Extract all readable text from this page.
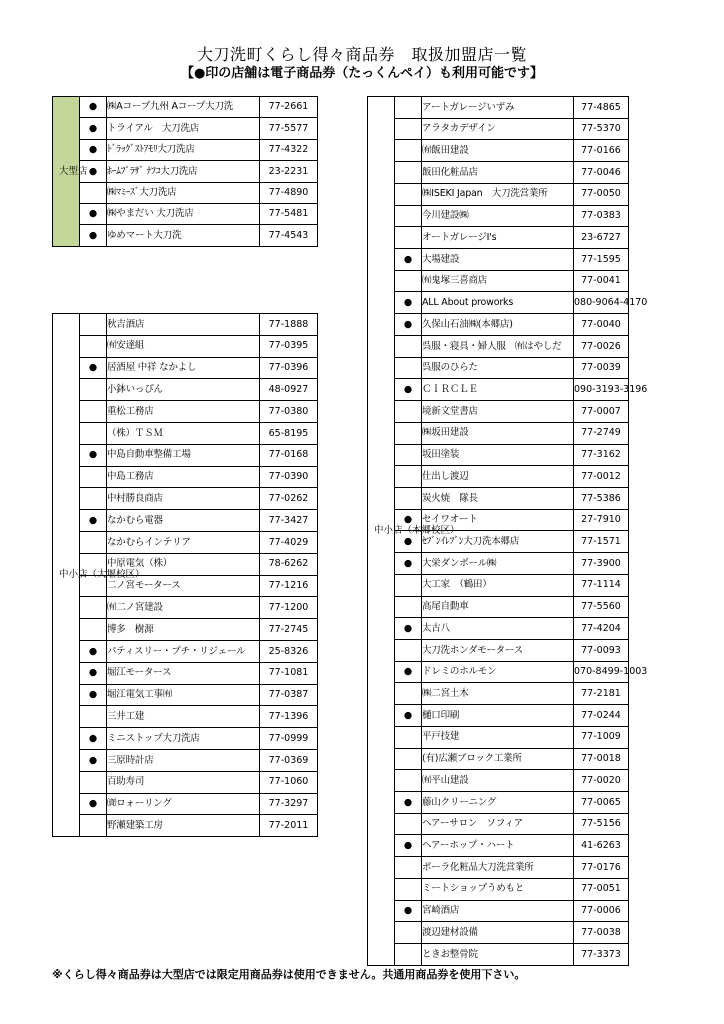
大刀洗町くらし得々商品券　取扱加盟店一覧
【●印の店舗は電子商品券（たっくんペイ）も利用可能です】
大型店	●	㈱Aコープ九州 Aコープ大刀洗	77-2661
	●	トライアル　大刀洗店	77-5577
	●	ﾄﾞﾗｯｸﾞｽﾄｱﾓﾘ大刀洗店	77-4322
	●	ﾎｰﾑﾌﾟﾗｻﾞ ﾅﾌｺ大刀洗店	23-2231
		㈱ﾏﾐｰｽﾞ大刀洗店	77-4890
	●	㈱やまだい 大刀洗店	77-5481
	●	ゆめマート大刀洗	77-4543
中小店（大堰校区）		秋吉酒店	77-1888
		㈲安達組	77-0395
	●	居酒屋 中祥 なかよし	77-0396
		小鉢いっぴん	48-0927
		重松工務店	77-0380
		（株）ＴＳＭ	65-8195
	●	中島自動車整備工場	77-0168
		中島工務店	77-0390
		中村勝良商店	77-0262
	●	なかむら電器	77-3427
		なかむらインテリア	77-4029
		中原電気（株）	78-6262
		二ノ宮モータース	77-1216
		㈲二ノ宮建設	77-1200
		博多　樹源	77-2745
	●	パティスリー・プチ・リジェール	25-8326
	●	堀江モータース	77-1081
	●	堀江電気工事㈲	77-0387
		三井工建	77-1396
	●	ミニストップ大刀洗店	77-0999
	●	三原時計店	77-0369
		百助寿司	77-1060
	●	㈾ロォーリング	77-3297
		野瀬建築工房	77-2011
中小店（本郷校区）		アートガレージいずみ	77-4865
		アラタカデザイン	77-5370
		㈲飯田建設	77-0166
		飯田化粧品店	77-0046
		㈱ISEKI Japan　大刀洗営業所	77-0050
		今川建設㈱	77-0383
		オートガレージI's	23-6727
	●	大場建設	77-1595
		㈲鬼塚三喜商店	77-0041
	●	ALL About proworks	080-9064-4170
	●	久保山石油㈱(本郷店)	77-0040
		呉服・寝具・婦人服　㈲はやしだ	77-0026
		呉服のひらた	77-0039
	●	ＣＩＲＣＬＥ	090-3193-3196
		境新文堂書店	77-0007
		㈱坂田建設	77-2749
		坂田塗装	77-3162
		仕出し渡辺	77-0012
		炭火焼　隊長	77-5386
	●	セイワオート	27-7910
	●	ｾﾌﾞﾝｲﾚﾌﾞﾝ大刀洗本郷店	77-1571
	●	大栄ダンボール㈱	77-3900
		大工家　（鶴田）	77-1114
		高尾自動車	77-5560
	●	太古八	77-4204
		大刀洗ホンダモータース	77-0093
	●	ドレミのホルモン	070-8499-1003
		㈱二宮土木	77-2181
	●	樋口印刷	77-0244
		平戸技建	77-1009
		(有)広瀬ブロック工業所	77-0018
		㈲平山建設	77-0020
	●	藤山クリーニング	77-0065
		ヘアーサロン　ソフィア	77-5156
	●	ヘアーホップ・ハート	41-6263
		ポーラ化粧品大刀洗営業所	77-0176
		ミートショップうめもと	77-0051
	●	宮崎酒店	77-0006
		渡辺建材設備	77-0038
		ときお整骨院	77-3373
※くらし得々商品券は大型店では限定用商品券は使用できません。共通用商品券を使用下さい。
